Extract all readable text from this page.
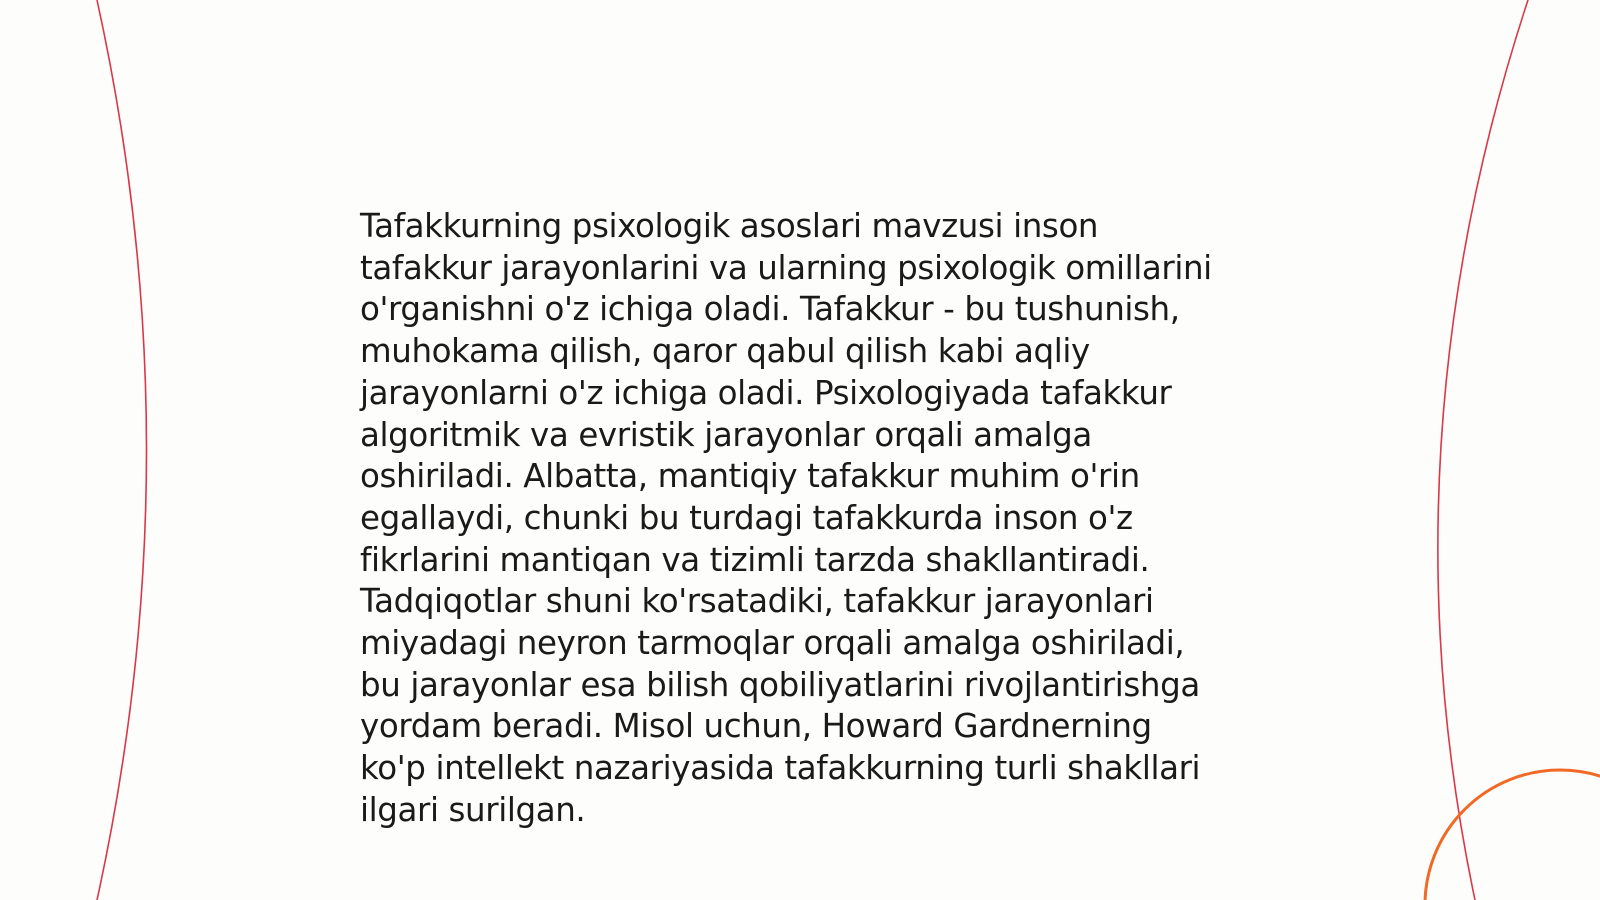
Tafakkurning psixologik asoslari mavzusi inson
tafakkur jarayonlarini va ularning psixologik omillarini
o'rganishni o'z ichiga oladi. Tafakkur - bu tushunish,
muhokama qilish, qaror qabul qilish kabi aqliy
jarayonlarni o'z ichiga oladi. Psixologiyada tafakkur
algoritmik va evristik jarayonlar orqali amalga
oshiriladi. Albatta, mantiqiy tafakkur muhim o'rin
egallaydi, chunki bu turdagi tafakkurda inson o'z
fikrlarini mantiqan va tizimli tarzda shakllantiradi.
Tadqiqotlar shuni ko'rsatadiki, tafakkur jarayonlari
miyadagi neyron tarmoqlar orqali amalga oshiriladi,
bu jarayonlar esa bilish qobiliyatlarini rivojlantirishga
yordam beradi. Misol uchun, Howard Gardnerning
ko'p intellekt nazariyasida tafakkurning turli shakllari
ilgari surilgan.
